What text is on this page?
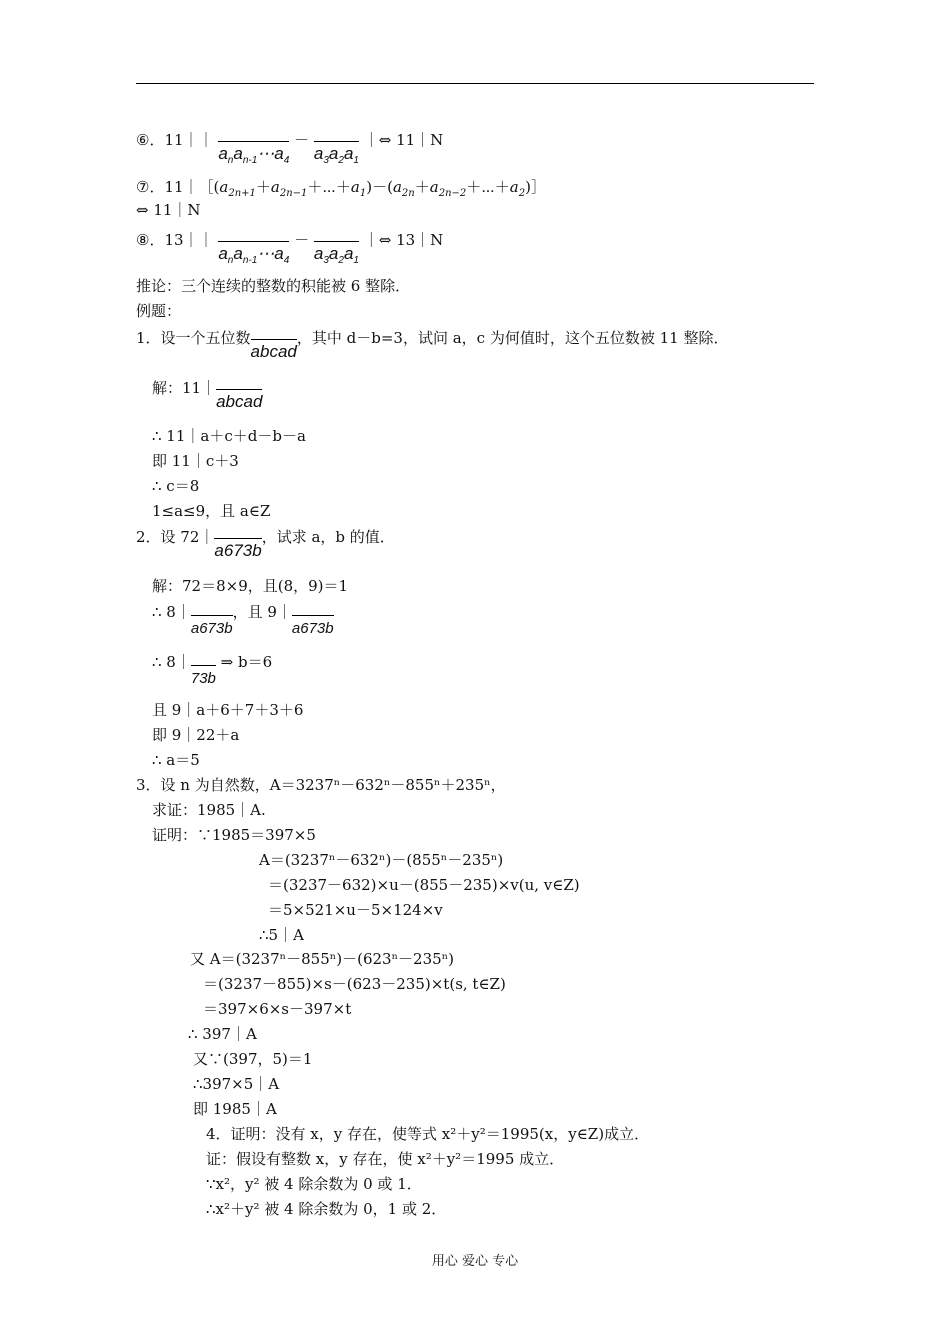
⑥．11｜｜ $a_na_{n-1}\cdots a_4 - a_3a_2a_1$ ｜⇔ 11｜N
⑦．$11|[(a_{2n+1}+a_{2n-1}+\cdots+a_1)-(a_{2n}+a_{2n-2}+\cdots+a_2)]$
⇔ 11｜N
⑧．13｜｜ $a_na_{n-1}\cdots a_4 - a_3a_2a_1$ ｜⇔ 13｜N
推论：三个连续的整数的积能被 6 整除．
例题：
1．设一个五位数abcad，其中 d－b=3，试问 a，c 为何值时，这个五位数被 11 整除．
解：11｜abcad
∴ 11｜a＋c＋d－b－a
即 11｜c＋3
∴ c＝8
1≤a≤9，且 a∈Z
2．设 72｜a673b，试求 a，b 的值．
解：72＝8×9，且(8，9)＝1
∴ 8｜a673b，且 9｜a673b
∴ 8｜73b ⇒ b＝6
且 9｜a＋6＋7＋3＋6
即 9｜22＋a
∴ a＝5
3．设 n 为自然数，A＝3237ⁿ－632ⁿ－855ⁿ＋235ⁿ，
求证：1985｜A.
证明：∵1985＝397×5
A＝(3237ⁿ－632ⁿ)－(855ⁿ－235ⁿ)
＝(3237－632)×u－(855－235)×v(u, v∈Z)
＝5×521×u－5×124×v
∴5｜A
又 A＝(3237ⁿ－855ⁿ)－(623ⁿ－235ⁿ)
＝(3237－855)×s－(623－235)×t(s, t∈Z)
＝397×6×s－397×t
∴ 397｜A
又∵(397，5)＝1
∴397×5｜A
即 1985｜A
4．证明：没有 x，y 存在，使等式 x²＋y²＝1995(x，y∈Z)成立．
证：假设有整数 x，y 存在，使 x²＋y²＝1995 成立．
∵x²，y² 被 4 除余数为 0 或 1．
∴x²＋y² 被 4 除余数为 0，1 或 2．
用心 爱心 专心
